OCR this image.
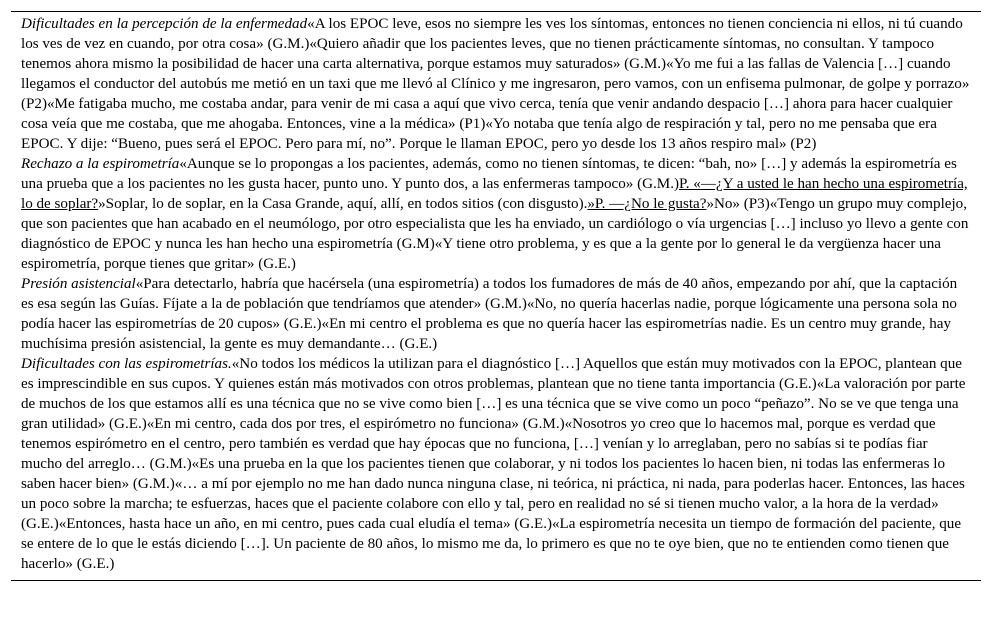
Dificultades en la percepción de la enfermedad«A los EPOC leve, esos no siempre les ves los síntomas, entonces no tienen conciencia ni ellos, ni tú cuando los ves de vez en cuando, por otra cosa» (G.M.)«Quiero añadir que los pacientes leves, que no tienen prácticamente síntomas, no consultan. Y tampoco tenemos ahora mismo la posibilidad de hacer una carta alternativa, porque estamos muy saturados» (G.M.)«Yo me fui a las fallas de Valencia […] cuando llegamos el conductor del autobús me metió en un taxi que me llevó al Clínico y me ingresaron, pero vamos, con un enfisema pulmonar, de golpe y porrazo» (P2)«Me fatigaba mucho, me costaba andar, para venir de mi casa a aquí que vivo cerca, tenía que venir andando despacio […] ahora para hacer cualquier cosa veía que me costaba, que me ahogaba. Entonces, vine a la médica» (P1)«Yo notaba que tenía algo de respiración y tal, pero no me pensaba que era EPOC. Y dije: “Bueno, pues será el EPOC. Pero para mí, no”. Porque le llaman EPOC, pero yo desde los 13 años respiro mal» (P2)
Rechazo a la espirometría«Aunque se lo propongas a los pacientes, además, como no tienen síntomas, te dicen: “bah, no» […] y además la espirometría es una prueba que a los pacientes no les gusta hacer, punto uno. Y punto dos, a las enfermeras tampoco» (G.M.)P. «—¿Y a usted le han hecho una espirometría, lo de soplar?»Soplar, lo de soplar, en la Casa Grande, aquí, allí, en todos sitios (con disgusto).»P. —¿No le gusta?»No» (P3)«Tengo un grupo muy complejo, que son pacientes que han acabado en el neumólogo, por otro especialista que les ha enviado, un cardiólogo o vía urgencias […] incluso yo llevo a gente con diagnóstico de EPOC y nunca les han hecho una espirometría (G.M)«Y tiene otro problema, y es que a la gente por lo general le da vergüenza hacer una espirometría, porque tienes que gritar» (G.E.)
Presión asistencial«Para detectarlo, habría que hacérsela (una espirometría) a todos los fumadores de más de 40 años, empezando por ahí, que la captación es esa según las Guías. Fíjate a la de población que tendríamos que atender» (G.M.)«No, no quería hacerlas nadie, porque lógicamente una persona sola no podía hacer las espirometrías de 20 cupos» (G.E.)«En mi centro el problema es que no quería hacer las espirometrías nadie. Es un centro muy grande, hay muchísima presión asistencial, la gente es muy demandante… (G.E.)
Dificultades con las espirometrías.«No todos los médicos la utilizan para el diagnóstico […] Aquellos que están muy motivados con la EPOC, plantean que es imprescindible en sus cupos. Y quienes están más motivados con otros problemas, plantean que no tiene tanta importancia (G.E.)«La valoración por parte de muchos de los que estamos allí es una técnica que no se vive como bien […] es una técnica que se vive como un poco “peñazo”. No se ve que tenga una gran utilidad» (G.E.)«En mi centro, cada dos por tres, el espirómetro no funciona» (G.M.)«Nosotros yo creo que lo hacemos mal, porque es verdad que tenemos espirómetro en el centro, pero también es verdad que hay épocas que no funciona, […] venían y lo arreglaban, pero no sabías si te podías fiar mucho del arreglo… (G.M.)«Es una prueba en la que los pacientes tienen que colaborar, y ni todos los pacientes lo hacen bien, ni todas las enfermeras lo saben hacer bien» (G.M.)«… a mí por ejemplo no me han dado nunca ninguna clase, ni teórica, ni práctica, ni nada, para poderlas hacer. Entonces, las haces un poco sobre la marcha; te esfuerzas, haces que el paciente colabore con ello y tal, pero en realidad no sé si tienen mucho valor, a la hora de la verdad» (G.E.)«Entonces, hasta hace un año, en mi centro, pues cada cual eludía el tema» (G.E.)«La espirometría necesita un tiempo de formación del paciente, que se entere de lo que le estás diciendo […]. Un paciente de 80 años, lo mismo me da, lo primero es que no te oye bien, que no te entienden como tienen que hacerlo» (G.E.)
